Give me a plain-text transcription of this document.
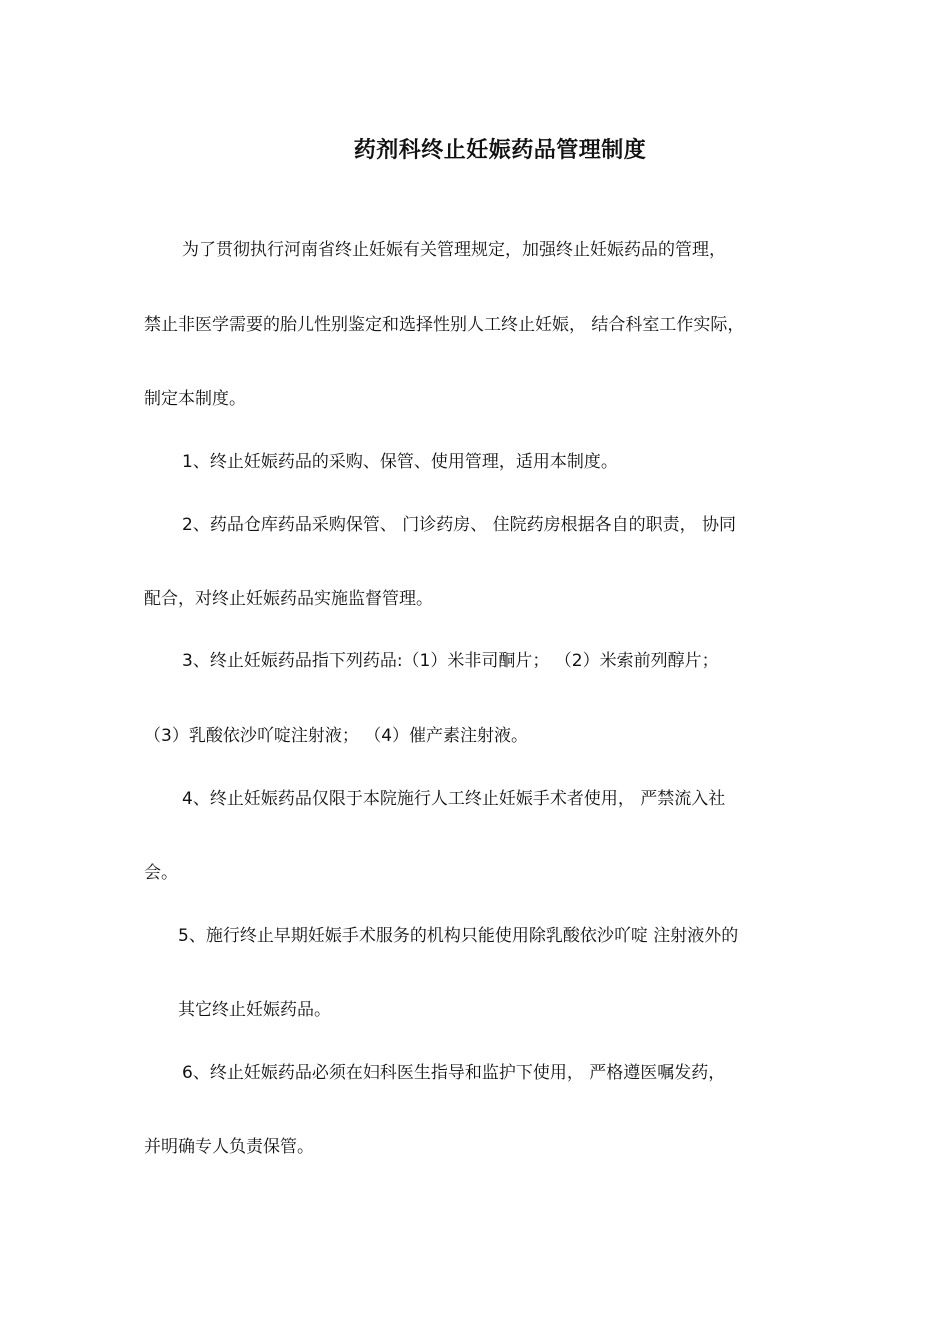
药剂科终止妊娠药品管理制度
为了贯彻执行河南省终止妊娠有关管理规定，加强终止妊娠药品的管理，
禁止非医学需要的胎儿性别鉴定和选择性别人工终止妊娠， 结合科室工作实际，
制定本制度。
1、终止妊娠药品的采购、保管、使用管理，适用本制度。
2、药品仓库药品采购保管、 门诊药房、 住院药房根据各自的职责， 协同
配合，对终止妊娠药品实施监督管理。
3、终止妊娠药品指下列药品:（1）米非司酮片； （2）米索前列醇片；
（3）乳酸依沙吖啶注射液； （4）催产素注射液。
4、终止妊娠药品仅限于本院施行人工终止妊娠手术者使用， 严禁流入社
会。
5、施行终止早期妊娠手术服务的机构只能使用除乳酸依沙吖啶 注射液外的
其它终止妊娠药品。
6、终止妊娠药品必须在妇科医生指导和监护下使用， 严格遵医嘱发药，
并明确专人负责保管。
